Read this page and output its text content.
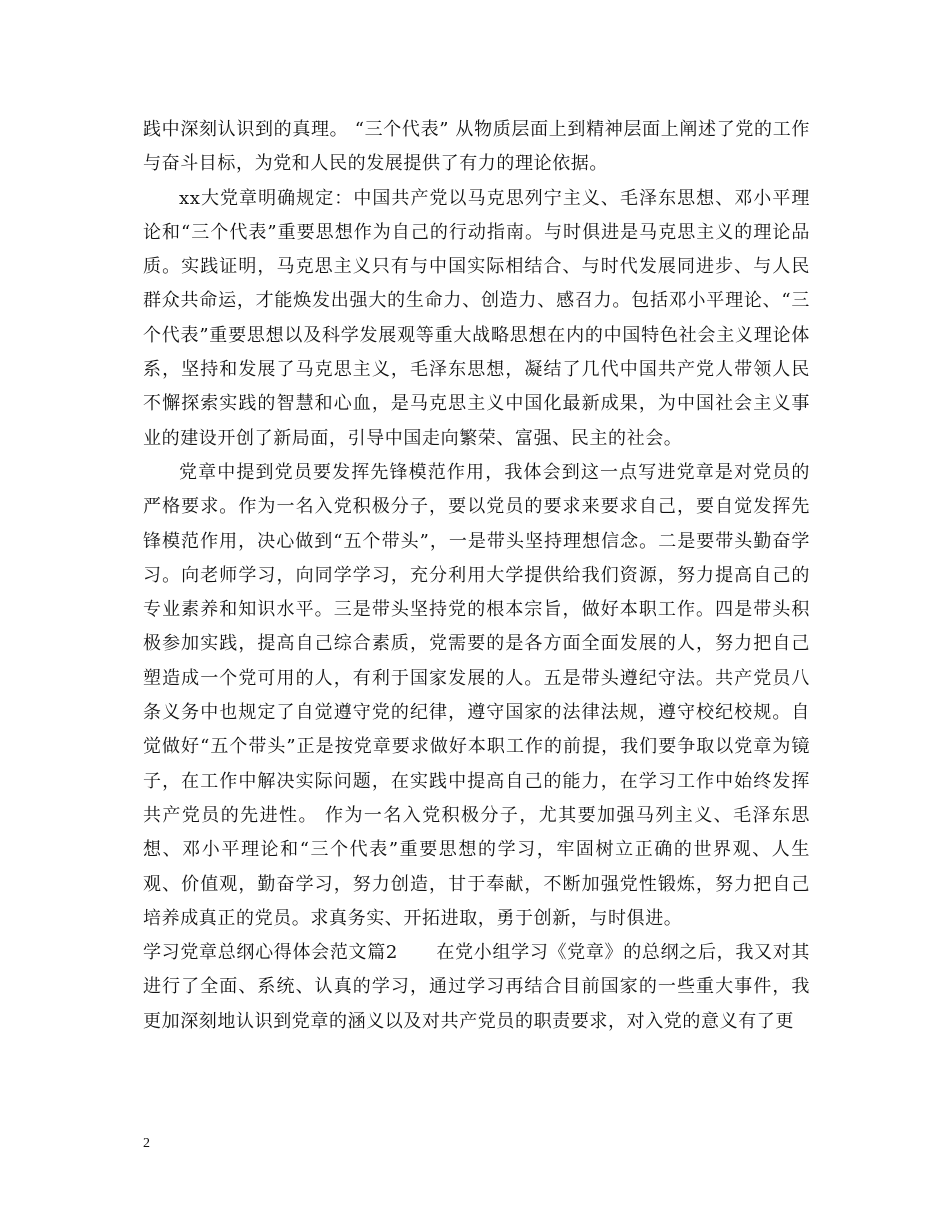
践中深刻认识到的真理。 “三个代表” 从物质层面上到精神层面上阐述了党的工作与奋斗目标，为党和人民的发展提供了有力的理论依据。

xx大党章明确规定：中国共产党以马克思列宁主义、毛泽东思想、邓小平理论和“三个代表”重要思想作为自己的行动指南。与时俱进是马克思主义的理论品质。实践证明，马克思主义只有与中国实际相结合、与时代发展同进步、与人民群众共命运，才能焕发出强大的生命力、创造力、感召力。包括邓小平理论、“三个代表”重要思想以及科学发展观等重大战略思想在内的中国特色社会主义理论体系，坚持和发展了马克思主义，毛泽东思想，凝结了几代中国共产党人带领人民不懈探索实践的智慧和心血，是马克思主义中国化最新成果，为中国社会主义事业的建设开创了新局面，引导中国走向繁荣、富强、民主的社会。

党章中提到党员要发挥先锋模范作用，我体会到这一点写进党章是对党员的严格要求。作为一名入党积极分子，要以党员的要求来要求自己，要自觉发挥先锋模范作用，决心做到“五个带头”，一是带头坚持理想信念。二是要带头勤奋学习。向老师学习，向同学学习，充分利用大学提供给我们资源，努力提高自己的专业素养和知识水平。三是带头坚持党的根本宗旨，做好本职工作。四是带头积极参加实践，提高自己综合素质，党需要的是各方面全面发展的人，努力把自己塑造成一个党可用的人，有利于国家发展的人。五是带头遵纪守法。共产党员八条义务中也规定了自觉遵守党的纪律，遵守国家的法律法规，遵守校纪校规。自觉做好“五个带头”正是按党章要求做好本职工作的前提，我们要争取以党章为镜子，在工作中解决实际问题，在实践中提高自己的能力，在学习工作中始终发挥共产党员的先进性。 作为一名入党积极分子，尤其要加强马列主义、毛泽东思想、邓小平理论和“三个代表”重要思想的学习，牢固树立正确的世界观、人生观、价值观，勤奋学习，努力创造，甘于奉献，不断加强党性锻炼，努力把自己培养成真正的党员。求真务实、开拓进取，勇于创新，与时俱进。

学习党章总纲心得体会范文篇2      在党小组学习《党章》的总纲之后，我又对其进行了全面、系统、认真的学习，通过学习再结合目前国家的一些重大事件，我更加深刻地认识到党章的涵义以及对共产党员的职责要求，对入党的意义有了更

2
